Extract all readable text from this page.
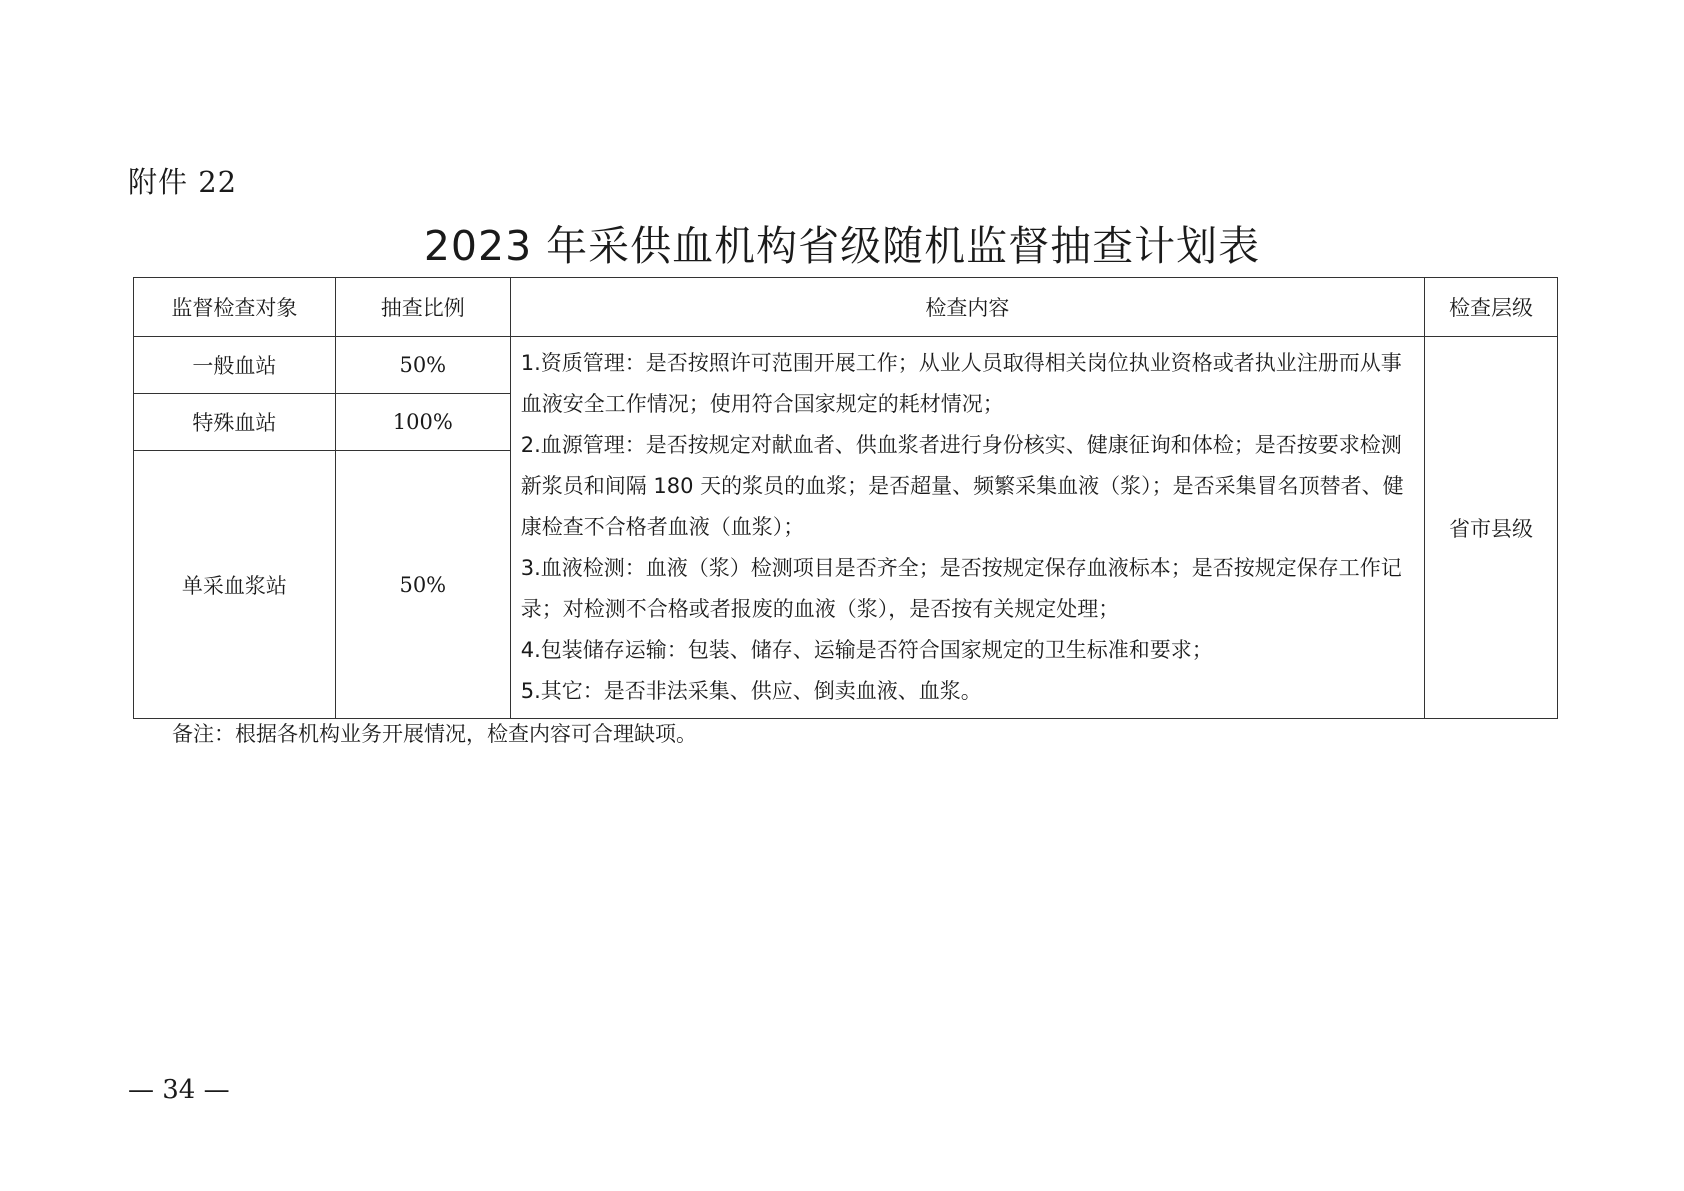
附件 22
2023 年采供血机构省级随机监督抽查计划表
监督检查对象	抽查比例	检查内容	检查层级
一般血站	50%	1.资质管理：是否按照许可范围开展工作；从业人员取得相关岗位执业资格或者执业注册而从事血液安全工作情况；使用符合国家规定的耗材情况；

2.血源管理：是否按规定对献血者、供血浆者进行身份核实、健康征询和体检；是否按要求检测新浆员和间隔 180 天的浆员的血浆；是否超量、频繁采集血液（浆）；是否采集冒名顶替者、健康检查不合格者血液（血浆）；

3.血液检测：血液（浆）检测项目是否齐全；是否按规定保存血液标本；是否按规定保存工作记录；对检测不合格或者报废的血液（浆），是否按有关规定处理；

4.包装储存运输：包装、储存、运输是否符合国家规定的卫生标准和要求；

5.其它：是否非法采集、供应、倒卖血液、血浆。	省市县级
特殊血站	100%		
单采血浆站	50%		
备注：根据各机构业务开展情况，检查内容可合理缺项。
— 34 —
